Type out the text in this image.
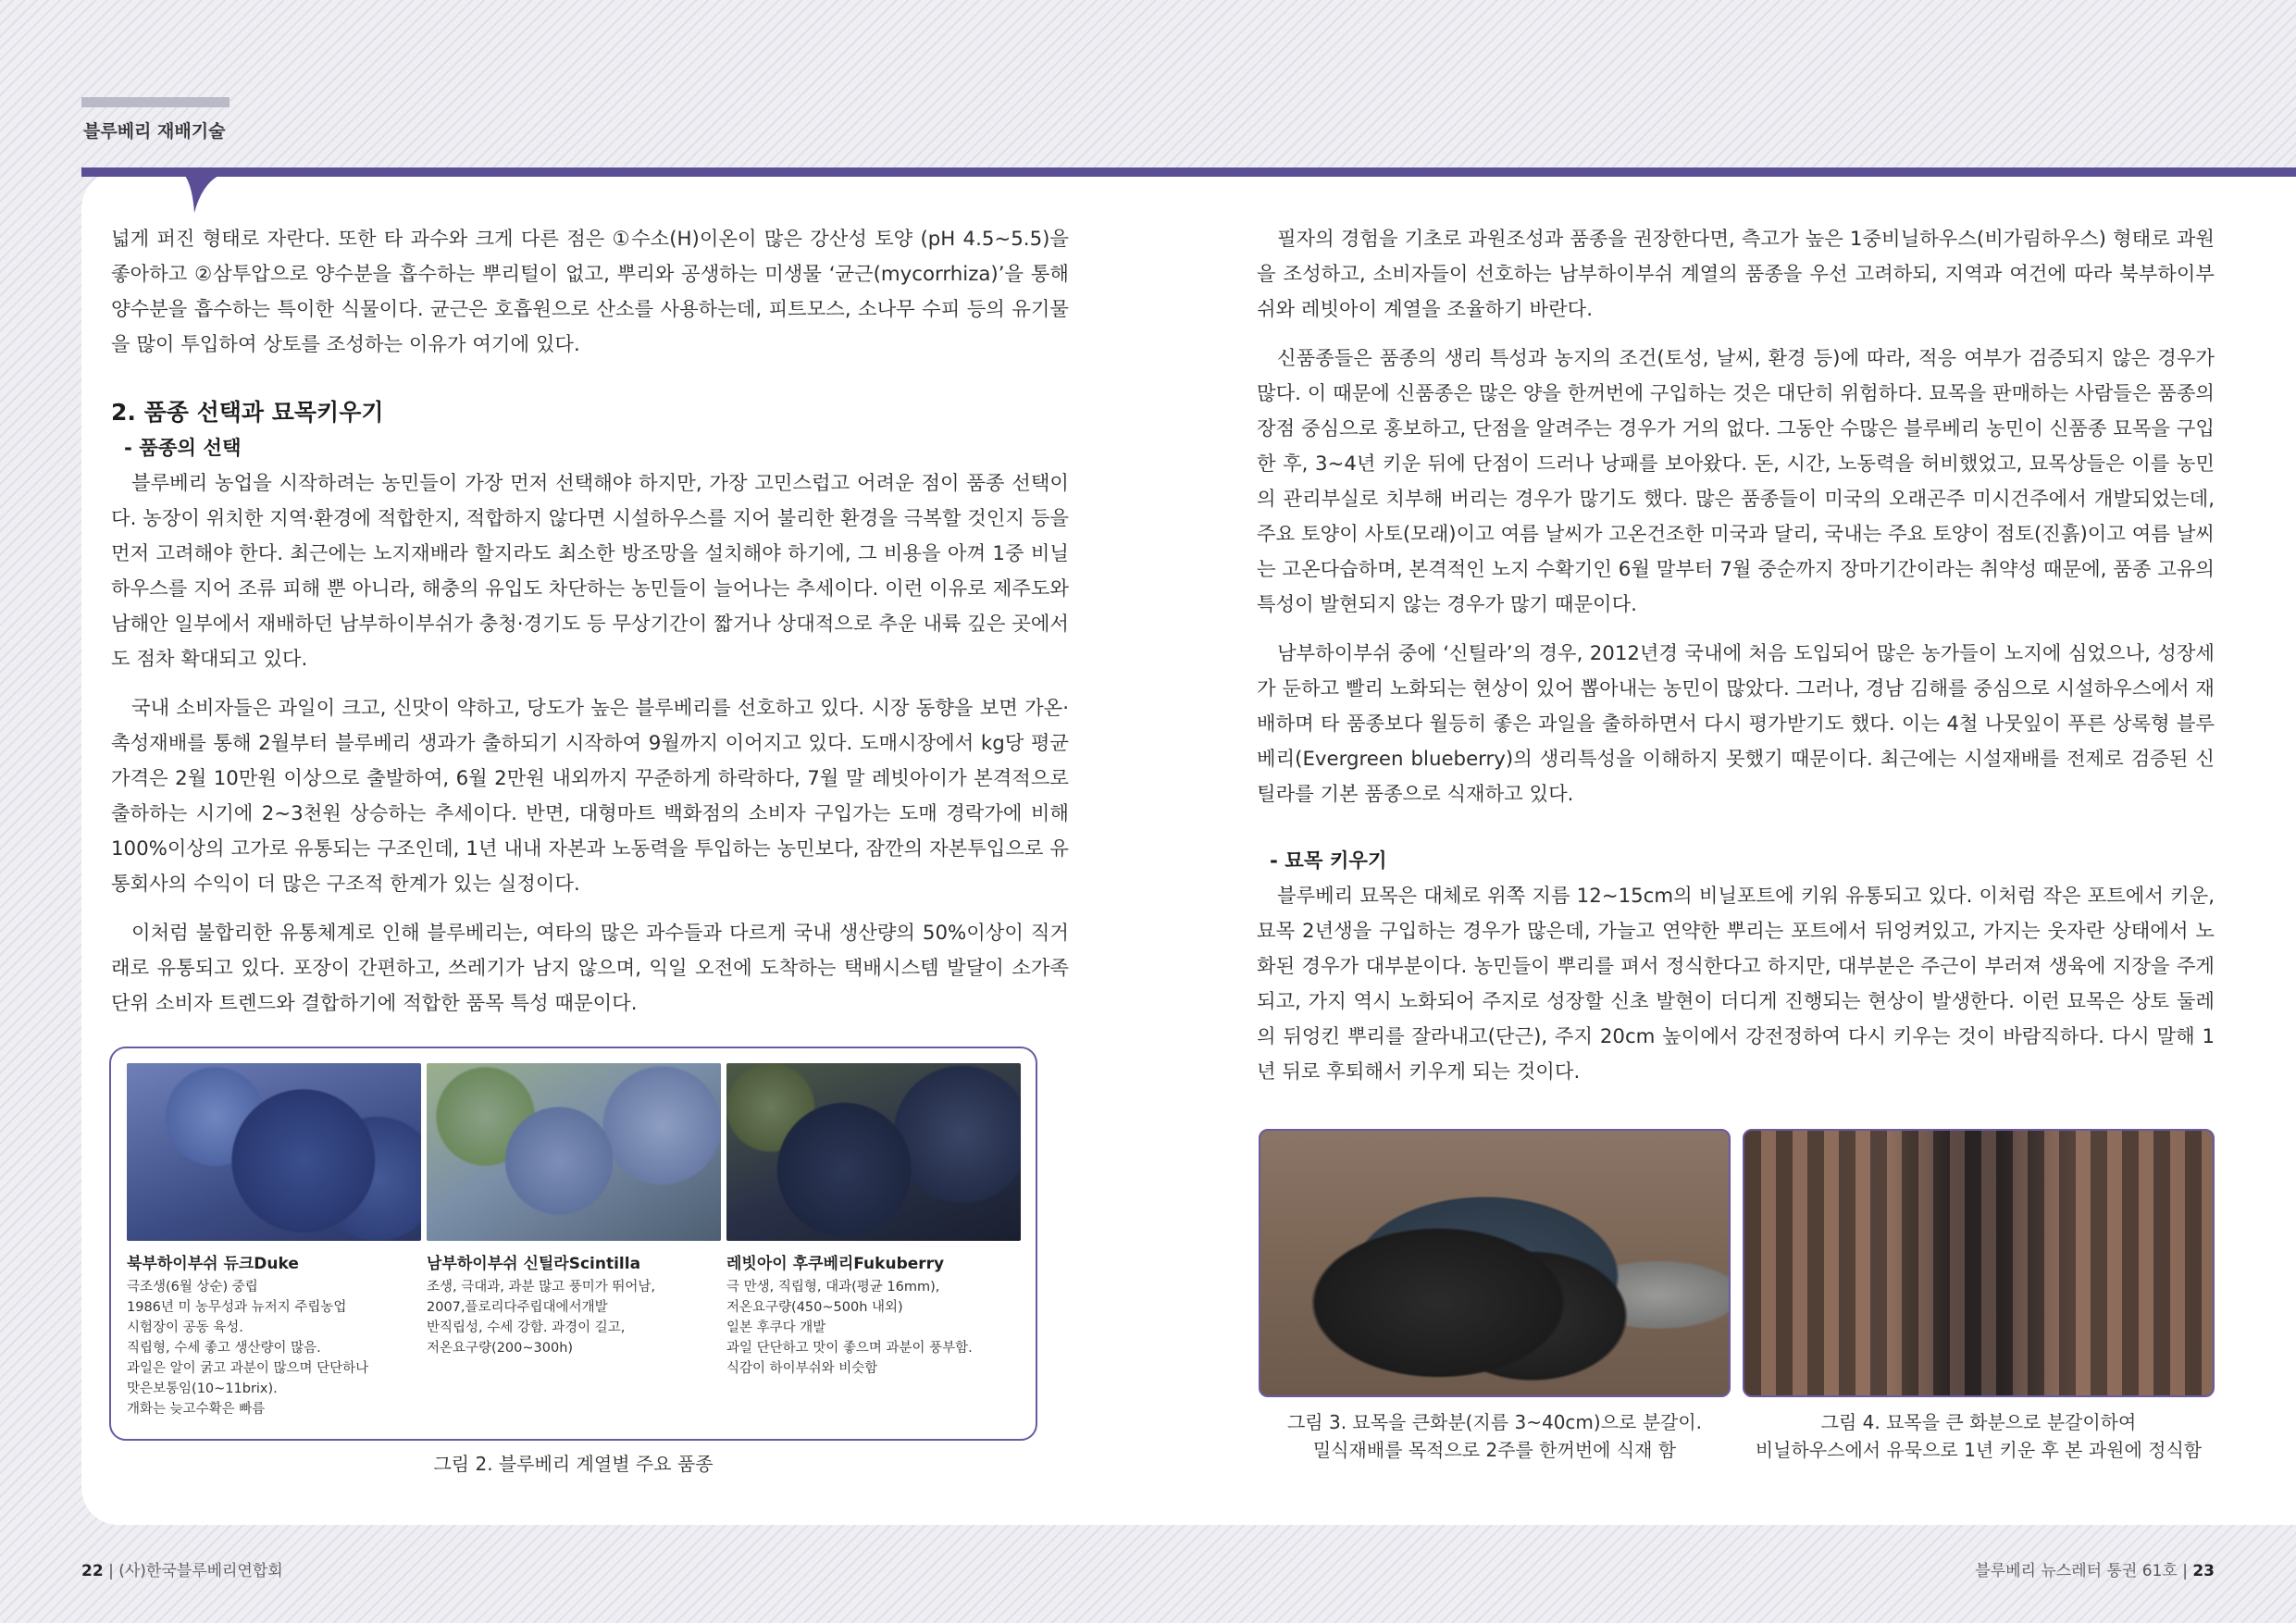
블루베리 재배기술

넓게 퍼진 형태로 자란다. 또한 타 과수와 크게 다른 점은 ①수소(H)이온이 많은 강산성 토양 (pH 4.5~5.5)을 좋아하고 ②삼투압으로 양수분을 흡수하는 뿌리털이 없고, 뿌리와 공생하는 미생물 ‘균근(mycorrhiza)’을 통해 양수분을 흡수하는 특이한 식물이다. 균근은 호흡원으로 산소를 사용하는데, 피트모스, 소나무 수피 등의 유기물을 많이 투입하여 상토를 조성하는 이유가 여기에 있다.

2. 품종 선택과 묘목키우기

- 품종의 선택

블루베리 농업을 시작하려는 농민들이 가장 먼저 선택해야 하지만, 가장 고민스럽고 어려운 점이 품종 선택이다. 농장이 위치한 지역·환경에 적합한지, 적합하지 않다면 시설하우스를 지어 불리한 환경을 극복할 것인지 등을 먼저 고려해야 한다. 최근에는 노지재배라 할지라도 최소한 방조망을 설치해야 하기에, 그 비용을 아껴 1중 비닐하우스를 지어 조류 피해 뿐 아니라, 해충의 유입도 차단하는 농민들이 늘어나는 추세이다. 이런 이유로 제주도와 남해안 일부에서 재배하던 남부하이부쉬가 충청·경기도 등 무상기간이 짧거나 상대적으로 추운 내륙 깊은 곳에서도 점차 확대되고 있다.

국내 소비자들은 과일이 크고, 신맛이 약하고, 당도가 높은 블루베리를 선호하고 있다. 시장 동향을 보면 가온·촉성재배를 통해 2월부터 블루베리 생과가 출하되기 시작하여 9월까지 이어지고 있다. 도매시장에서 kg당 평균가격은 2월 10만원 이상으로 출발하여, 6월 2만원 내외까지 꾸준하게 하락하다, 7월 말 레빗아이가 본격적으로 출하하는 시기에 2~3천원 상승하는 추세이다. 반면, 대형마트 백화점의 소비자 구입가는 도매 경락가에 비해 100%이상의 고가로 유통되는 구조인데, 1년 내내 자본과 노동력을 투입하는 농민보다, 잠깐의 자본투입으로 유통회사의 수익이 더 많은 구조적 한계가 있는 실정이다.

이처럼 불합리한 유통체계로 인해 블루베리는, 여타의 많은 과수들과 다르게 국내 생산량의 50%이상이 직거래로 유통되고 있다. 포장이 간편하고, 쓰레기가 남지 않으며, 익일 오전에 도착하는 택배시스템 발달이 소가족 단위 소비자 트렌드와 결합하기에 적합한 품목 특성 때문이다.

북부하이부쉬 듀크Duke
극조생(6월 상순) 중립
1986년 미 농무성과 뉴저지 주립농업
시험장이 공동 육성.
직립형, 수세 좋고 생산량이 많음.
과일은 알이 굵고 과분이 많으며 단단하나
맛은보통임(10~11brix).
개화는 늦고수확은 빠름
남부하이부쉬 신틸라Scintilla
조생, 극대과, 과분 많고 풍미가 뛰어남,
2007,플로리다주립대에서개발
반직립성, 수세 강함. 과경이 길고,
저온요구량(200~300h)
레빗아이 후쿠베리Fukuberry
극 만생, 직립형, 대과(평균 16mm),
저온요구량(450~500h 내외)
일본 후쿠다 개발
과일 단단하고 맛이 좋으며 과분이 풍부함.
식감이 하이부쉬와 비슷함
그림 2. 블루베리 계열별 주요 품종

필자의 경험을 기초로 과원조성과 품종을 권장한다면, 측고가 높은 1중비닐하우스(비가림하우스) 형태로 과원을 조성하고, 소비자들이 선호하는 남부하이부쉬 계열의 품종을 우선 고려하되, 지역과 여건에 따라 북부하이부쉬와 레빗아이 계열을 조율하기 바란다.

신품종들은 품종의 생리 특성과 농지의 조건(토성, 날씨, 환경 등)에 따라, 적응 여부가 검증되지 않은 경우가 많다. 이 때문에 신품종은 많은 양을 한꺼번에 구입하는 것은 대단히 위험하다. 묘목을 판매하는 사람들은 품종의 장점 중심으로 홍보하고, 단점을 알려주는 경우가 거의 없다. 그동안 수많은 블루베리 농민이 신품종 묘목을 구입한 후, 3~4년 키운 뒤에 단점이 드러나 낭패를 보아왔다. 돈, 시간, 노동력을 허비했었고, 묘목상들은 이를 농민의 관리부실로 치부해 버리는 경우가 많기도 했다. 많은 품종들이 미국의 오래곤주 미시건주에서 개발되었는데, 주요 토양이 사토(모래)이고 여름 날씨가 고온건조한 미국과 달리, 국내는 주요 토양이 점토(진흙)이고 여름 날씨는 고온다습하며, 본격적인 노지 수확기인 6월 말부터 7월 중순까지 장마기간이라는 취약성 때문에, 품종 고유의 특성이 발현되지 않는 경우가 많기 때문이다.

남부하이부쉬 중에 ‘신틸라’의 경우, 2012년경 국내에 처음 도입되어 많은 농가들이 노지에 심었으나, 성장세가 둔하고 빨리 노화되는 현상이 있어 뽑아내는 농민이 많았다. 그러나, 경남 김해를 중심으로 시설하우스에서 재배하며 타 품종보다 월등히 좋은 과일을 출하하면서 다시 평가받기도 했다. 이는 4철 나뭇잎이 푸른 상록형 블루베리(Evergreen blueberry)의 생리특성을 이해하지 못했기 때문이다. 최근에는 시설재배를 전제로 검증된 신틸라를 기본 품종으로 식재하고 있다.

- 묘목 키우기

블루베리 묘목은 대체로 위쪽 지름 12~15cm의 비닐포트에 키워 유통되고 있다. 이처럼 작은 포트에서 키운, 묘목 2년생을 구입하는 경우가 많은데, 가늘고 연약한 뿌리는 포트에서 뒤엉켜있고, 가지는 웃자란 상태에서 노화된 경우가 대부분이다. 농민들이 뿌리를 펴서 정식한다고 하지만, 대부분은 주근이 부러져 생육에 지장을 주게 되고, 가지 역시 노화되어 주지로 성장할 신초 발현이 더디게 진행되는 현상이 발생한다. 이런 묘목은 상토 둘레의 뒤엉킨 뿌리를 잘라내고(단근), 주지 20cm 높이에서 강전정하여 다시 키우는 것이 바람직하다. 다시 말해 1년 뒤로 후퇴해서 키우게 되는 것이다.

그림 3. 묘목을 큰화분(지름 3~40cm)으로 분갈이.
밀식재배를 목적으로 2주를 한꺼번에 식재 함
그림 4. 묘목을 큰 화분으로 분갈이하여
비닐하우스에서 유묵으로 1년 키운 후 본 과원에 정식함
22 | (사)한국블루베리연합회	블루베리 뉴스레터 통권 61호 | 23
